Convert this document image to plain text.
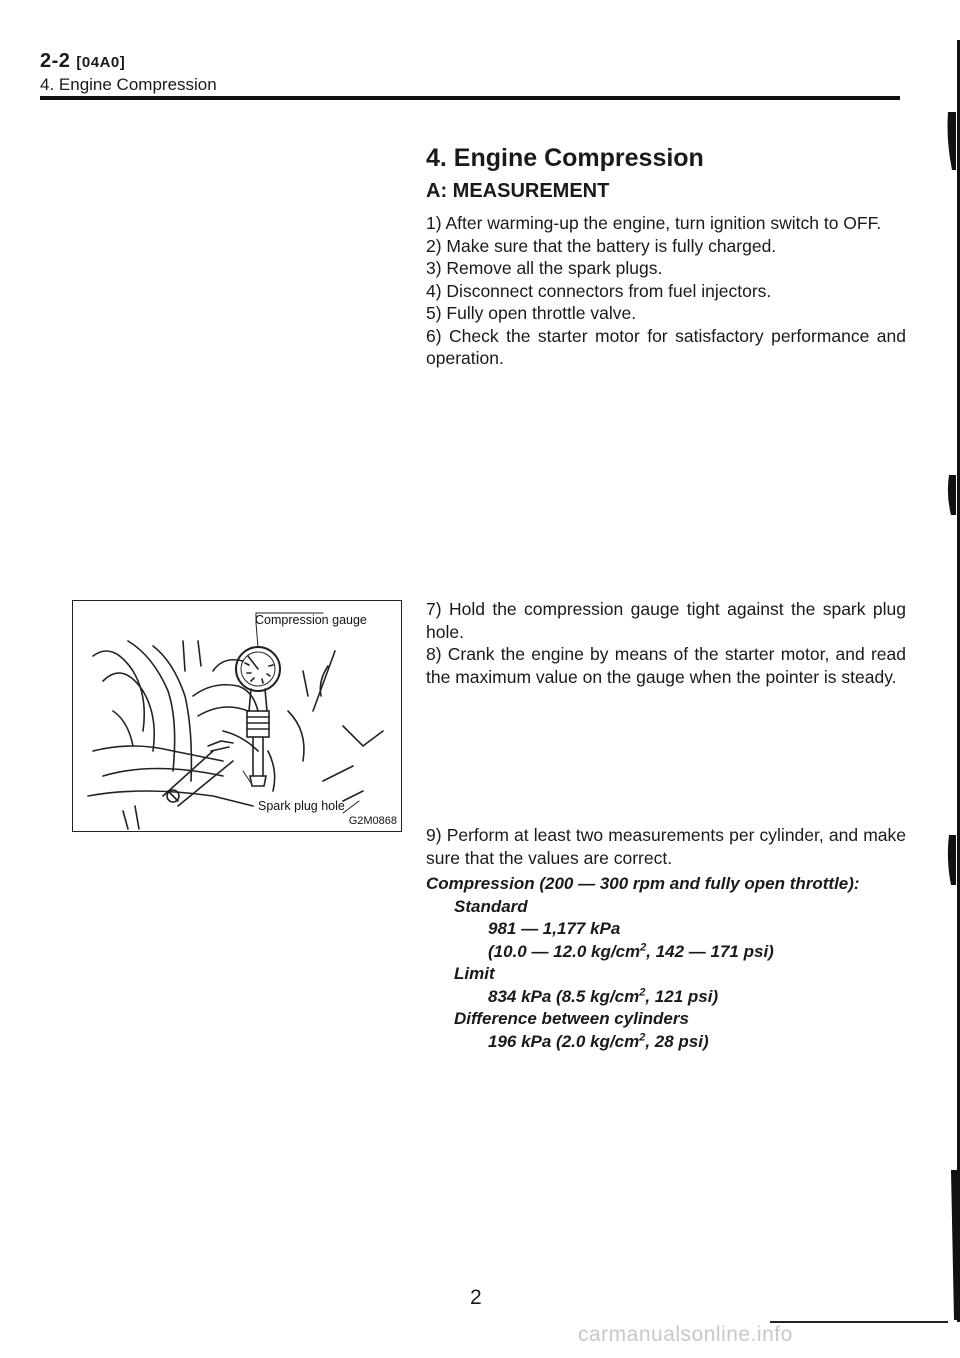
2-2 [04A0]
4. Engine Compression
4. Engine Compression
A: MEASUREMENT
1) After warming-up the engine, turn ignition switch to OFF.
2) Make sure that the battery is fully charged.
3) Remove all the spark plugs.
4) Disconnect connectors from fuel injectors.
5) Fully open throttle valve.
6) Check the starter motor for satisfactory performance and operation.
Compression gauge
Spark plug hole
G2M0868
7) Hold the compression gauge tight against the spark plug hole.
8) Crank the engine by means of the starter motor, and read the maximum value on the gauge when the pointer is steady.
9) Perform at least two measurements per cylinder, and make sure that the values are correct.
Compression (200 — 300 rpm and fully open throttle):
Standard
981 — 1,177 kPa
(10.0 — 12.0 $kg/cm^2$, 142 — 171 psi)
Limit
834 kPa (8.5 $kg/cm^2$, 121 psi)
Difference between cylinders
196 kPa (2.0 $kg/cm^2$, 28 psi)
2
carmanualsonline.info
